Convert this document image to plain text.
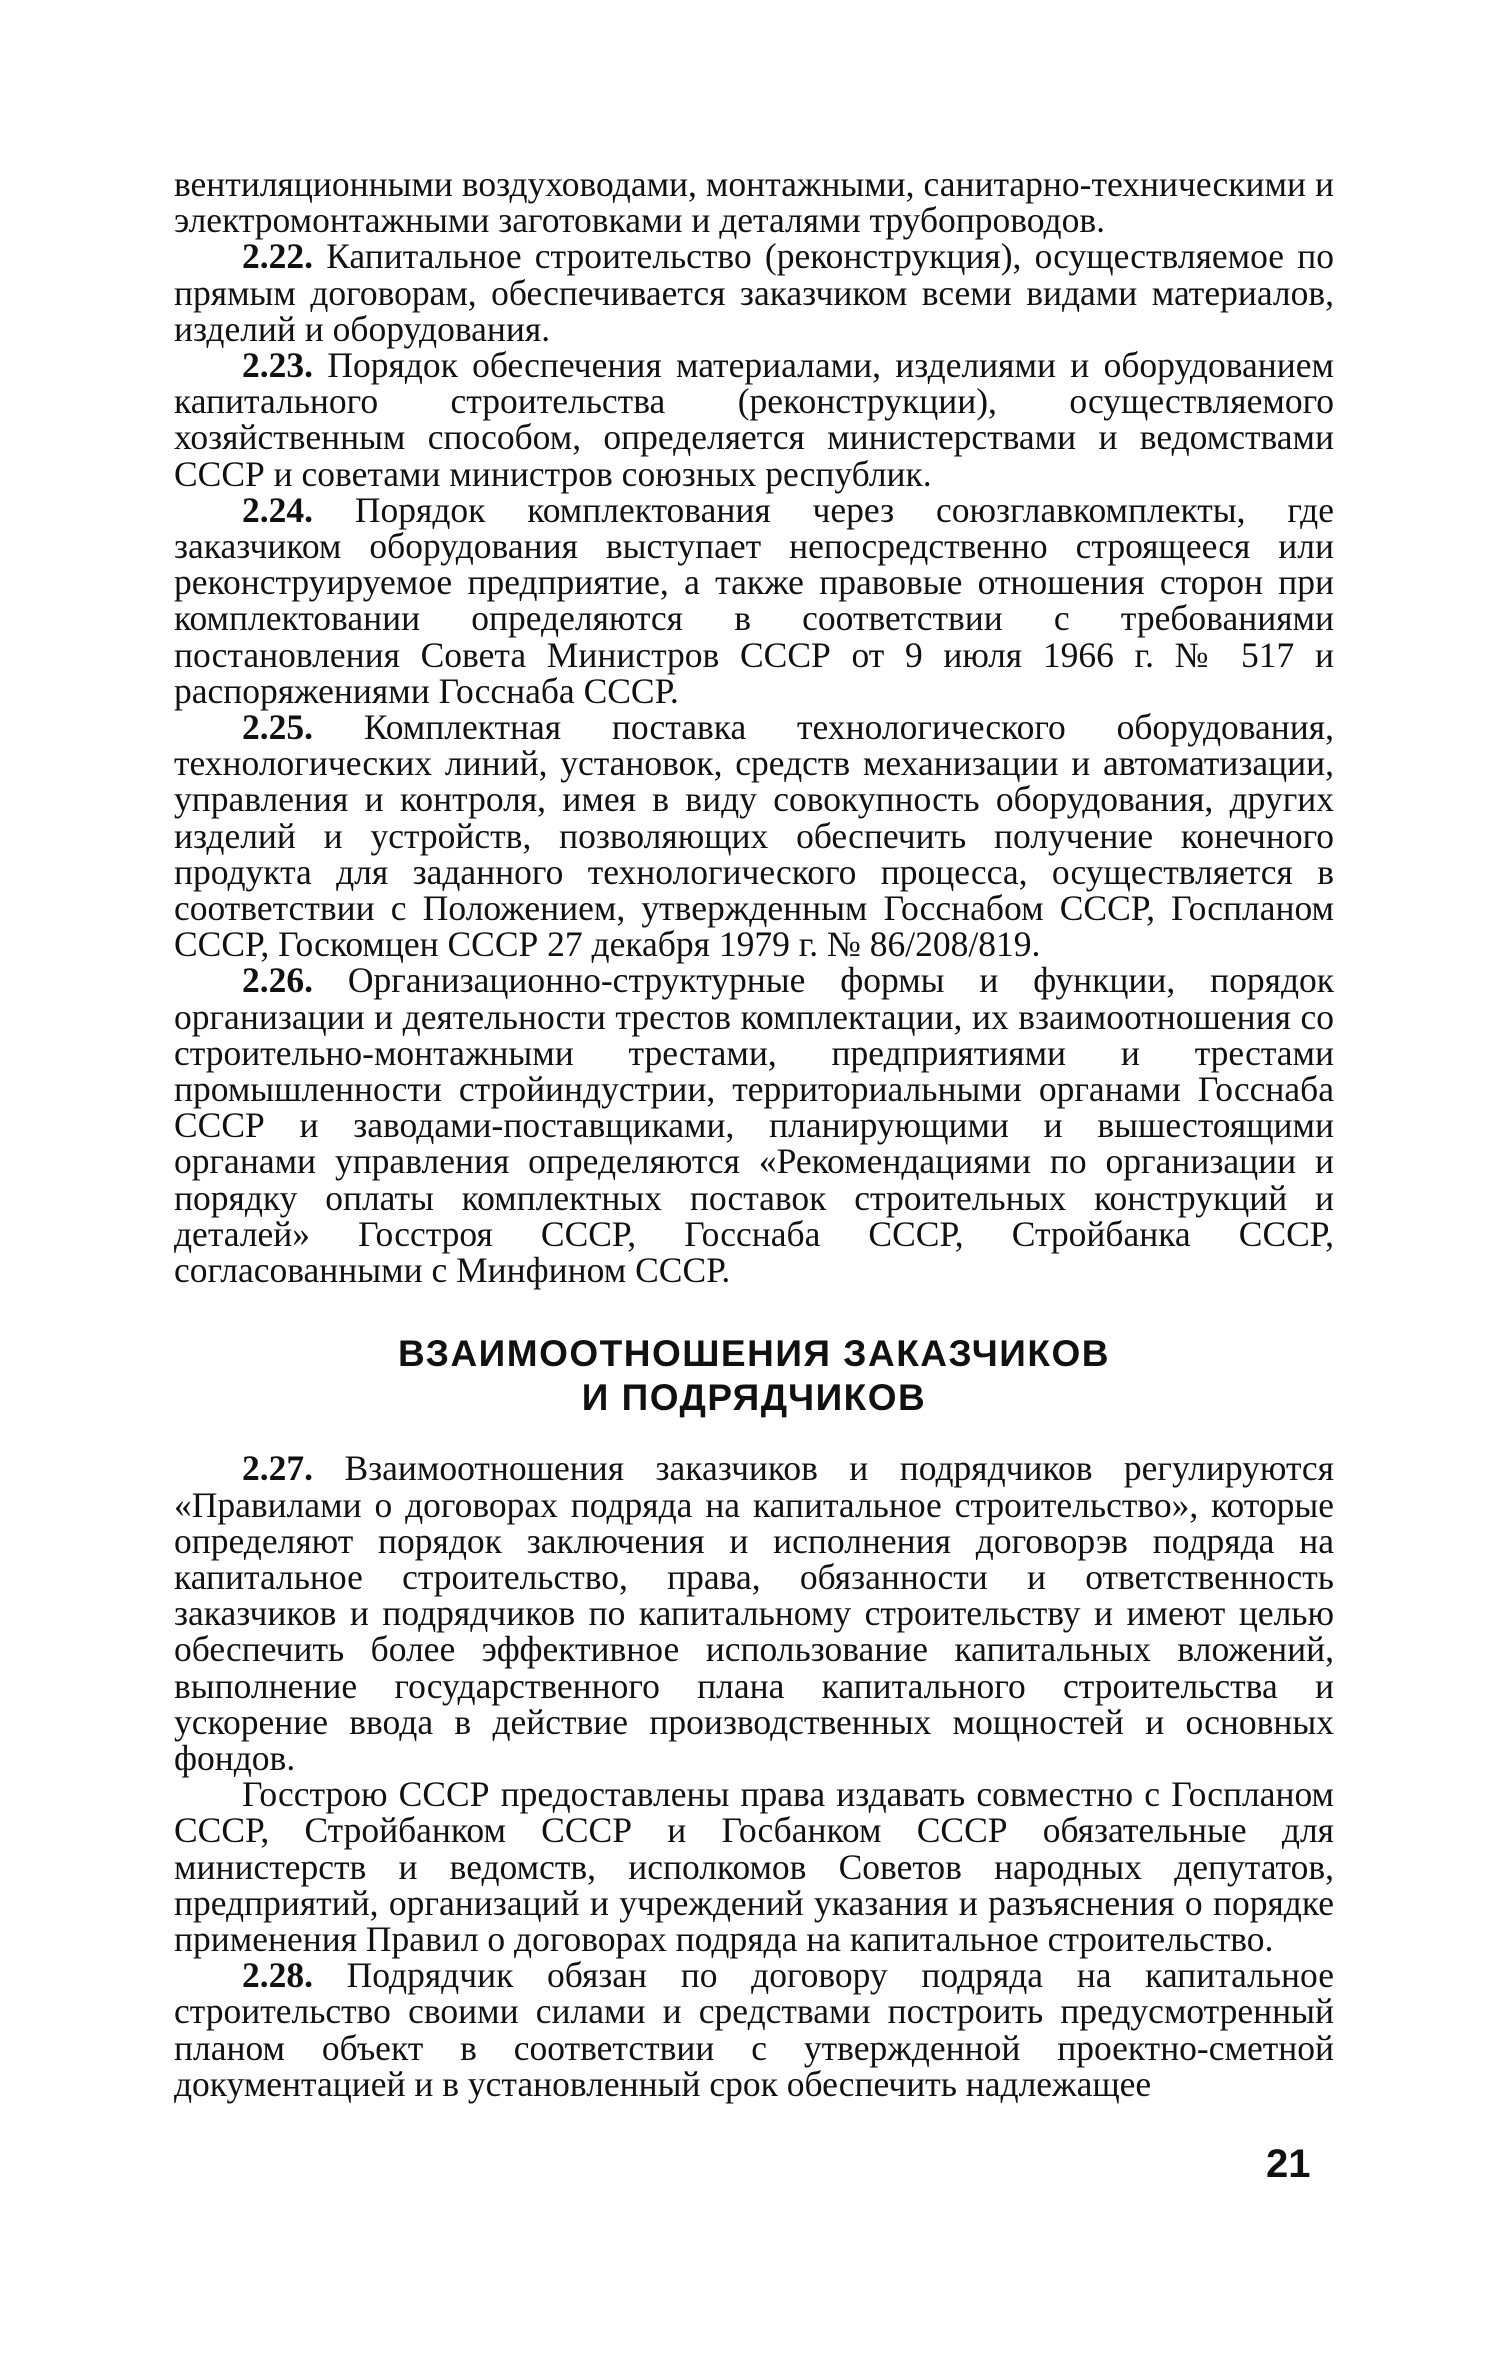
вентиляционными воздуховодами, монтажными, санитарно-техническими и электромонтажными заготовками и деталями трубопроводов.

2.22. Капитальное строительство (реконструкция), осуществляемое по прямым договорам, обеспечивается заказчиком всеми видами материалов, изделий и оборудования.

2.23. Порядок обеспечения материалами, изделиями и оборудованием капитального строительства (реконструкции), осуществляемого хозяйственным способом, определяется министерствами и ведомствами СССР и советами министров союзных республик.

2.24. Порядок комплектования через союзглавкомплекты, где заказчиком оборудования выступает непосредственно строящееся или реконструируемое предприятие, а также правовые отношения сторон при комплектовании определяются в соответствии с требованиями постановления Совета Министров СССР от 9 июля 1966 г. № 517 и распоряжениями Госснаба СССР.

2.25. Комплектная поставка технологического оборудования, технологических линий, установок, средств механизации и автоматизации, управления и контроля, имея в виду совокупность оборудования, других изделий и устройств, позволяющих обеспечить получение конечного продукта для заданного технологического процесса, осуществляется в соответствии с Положением, утвержденным Госснабом СССР, Госпланом СССР, Госкомцен СССР 27 декабря 1979 г. № 86/208/819.

2.26. Организационно-структурные формы и функции, порядок организации и деятельности трестов комплектации, их взаимоотношения со строительно-монтажными трестами, предприятиями и трестами промышленности стройиндустрии, территориальными органами Госснаба СССР и заводами-поставщиками, планирующими и вышестоящими органами управления определяются «Рекомендациями по организации и порядку оплаты комплектных поставок строительных конструкций и деталей» Госстроя СССР, Госснаба СССР, Стройбанка СССР, согласованными с Минфином СССР.

ВЗАИМООТНОШЕНИЯ ЗАКАЗЧИКОВ
И ПОДРЯДЧИКОВ

2.27. Взаимоотношения заказчиков и подрядчиков регулируются «Правилами о договорах подряда на капитальное строительство», которые определяют порядок заключения и исполнения договорэв подряда на капитальное строительство, права, обязанности и ответственность заказчиков и подрядчиков по капитальному строительству и имеют целью обеспечить более эффективное использование капитальных вложений, выполнение государственного плана капитального строительства и ускорение ввода в действие производственных мощностей и основных фондов.

Госстрою СССР предоставлены права издавать совместно с Госпланом СССР, Стройбанком СССР и Госбанком СССР обязательные для министерств и ведомств, исполкомов Советов народных депутатов, предприятий, организаций и учреждений указания и разъяснения о порядке применения Правил о договорах подряда на капитальное строительство.

2.28. Подрядчик обязан по договору подряда на капитальное строительство своими силами и средствами построить предусмотренный планом объект в соответствии с утвержденной проектно-сметной документацией и в установленный срок обеспечить надлежащее

21
